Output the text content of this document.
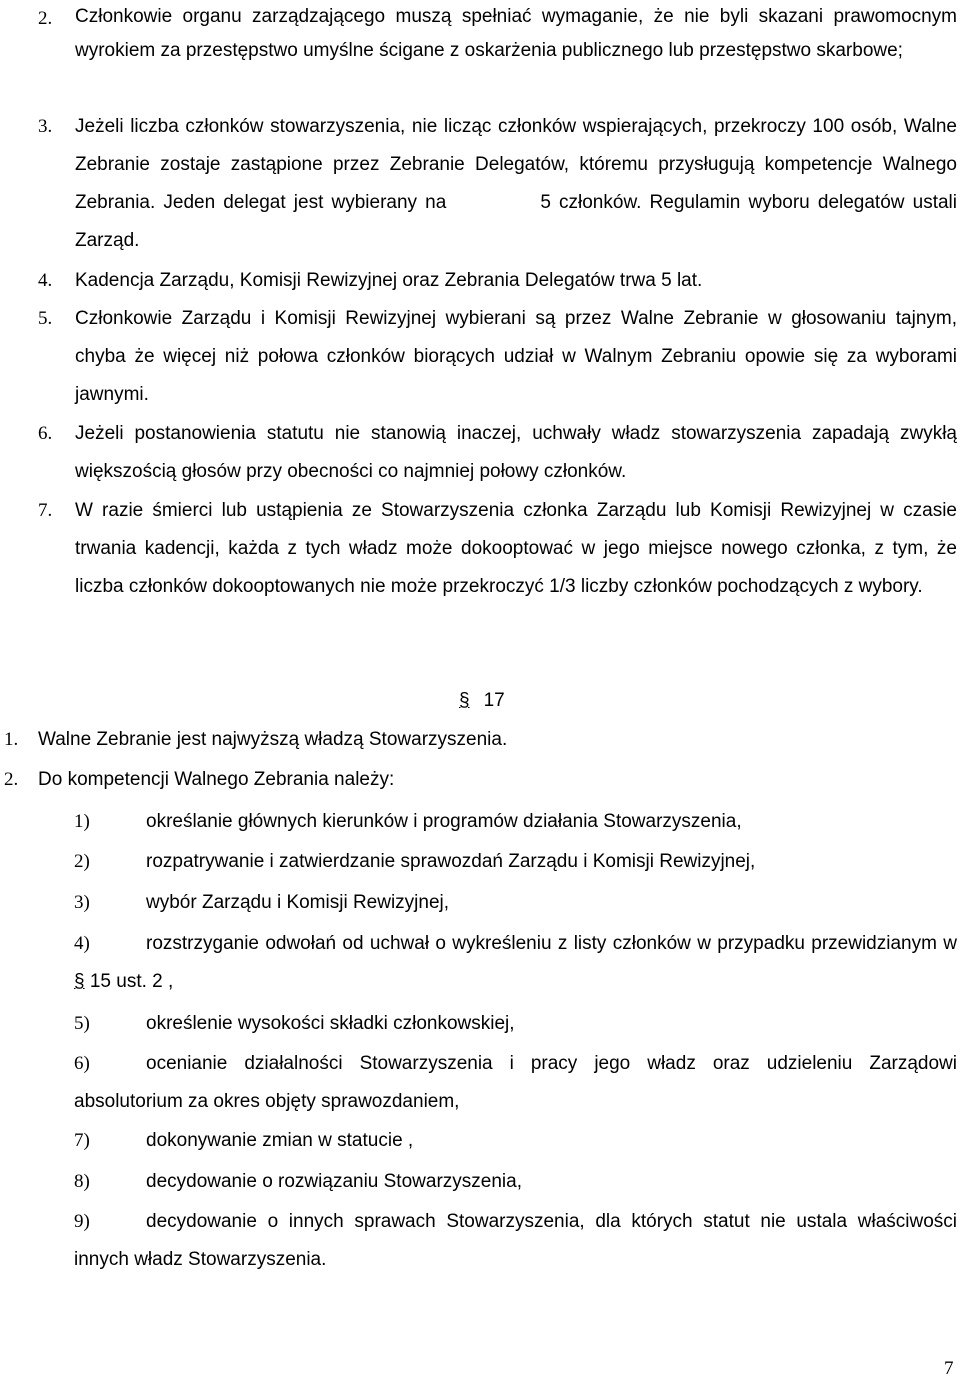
2. Członkowie organu zarządzającego muszą spełniać wymaganie, że nie byli skazani prawomocnym wyrokiem za przestępstwo umyślne ścigane z oskarżenia publicznego lub przestępstwo skarbowe;
3. Jeżeli liczba członków stowarzyszenia, nie licząc członków wspierających, przekroczy 100 osób, Walne Zebranie zostaje zastąpione przez Zebranie Delegatów, któremu przysługują kompetencje Walnego Zebrania. Jeden delegat jest wybierany na	5 członków. Regulamin wyboru delegatów ustali Zarząd.
4. Kadencja Zarządu, Komisji Rewizyjnej oraz Zebrania Delegatów trwa 5 lat.
5. Członkowie Zarządu i Komisji Rewizyjnej wybierani są przez Walne Zebranie w głosowaniu tajnym, chyba że więcej niż połowa członków biorących udział w Walnym Zebraniu opowie się za wyborami jawnymi.
6. Jeżeli postanowienia statutu nie stanowią inaczej, uchwały władz stowarzyszenia zapadają zwykłą większością głosów przy obecności co najmniej połowy członków.
7. W razie śmierci lub ustąpienia ze Stowarzyszenia członka Zarządu lub Komisji Rewizyjnej w czasie trwania kadencji, każda z tych władz może dokooptować w jego miejsce nowego członka, z tym, że liczba członków dokooptowanych nie może przekroczyć 1/3 liczby członków pochodzących z wybory.
§ 17
1. Walne Zebranie jest najwyższą władzą Stowarzyszenia.
2. Do kompetencji Walnego Zebrania należy:
1)	określanie głównych kierunków i programów działania Stowarzyszenia,
2)	rozpatrywanie i zatwierdzanie sprawozdań Zarządu i Komisji Rewizyjnej,
3)	wybór Zarządu i Komisji Rewizyjnej,
4)	rozstrzyganie odwołań od uchwał o wykreśleniu z listy członków w przypadku przewidzianym w § 15 ust. 2 ,
5)	określenie wysokości składki członkowskiej,
6)	ocenianie działalności Stowarzyszenia i pracy jego władz oraz udzieleniu Zarządowi absolutorium za okres objęty sprawozdaniem,
7)	dokonywanie zmian w statucie ,
8)	decydowanie o rozwiązaniu Stowarzyszenia,
9)	decydowanie o innych sprawach Stowarzyszenia, dla których statut nie ustala właściwości innych władz Stowarzyszenia.
7
